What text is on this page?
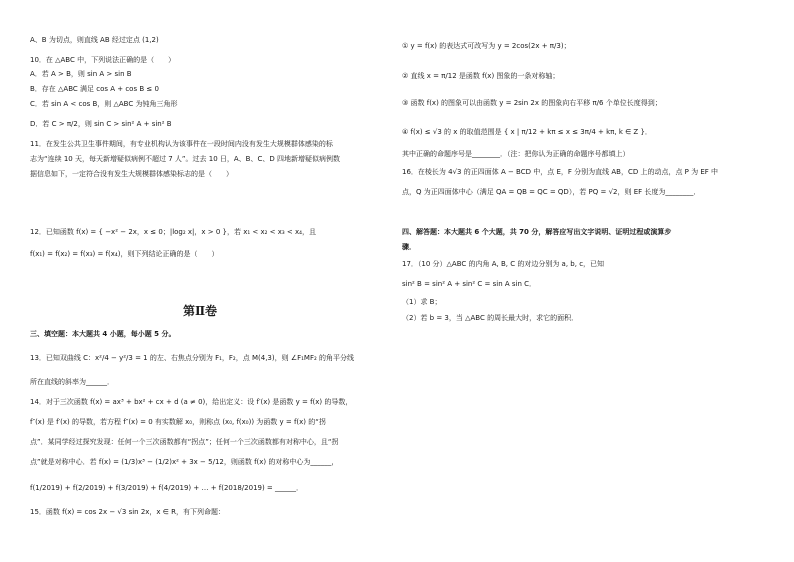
A、B 为切点，则直线 AB 经过定点 (1,2)
10．在 △ABC 中，下列说法正确的是（　　）
A．若 A > B，则 sin A > sin B
B．存在 △ABC 满足 cos A + cos B ≤ 0
C．若 sin A < cos B，则 △ABC 为钝角三角形
D．若 C > π/2，则 sin C > sin² A + sin² B
11．在发生公共卫生事件期间，有专业机构认为该事件在一段时间内没有发生大规模群体感染的标
志为“连续 10 天，每天新增疑似病例不超过 7 人”。过去 10 日，A、B、C、D 四地新增疑似病例数
据信息如下，一定符合没有发生大规模群体感染标志的是（　　）
12．已知函数 f(x) = { −x² − 2x，x ≤ 0；|log₂ x|，x > 0 }，若 x₁ < x₂ < x₃ < x₄，且
f(x₁) = f(x₂) = f(x₃) = f(x₄)，则下列结论正确的是（　　）
第Ⅱ卷
三、填空题：本大题共 4 小题，每小题 5 分。
13．已知双曲线 C：x²/4 − y²/3 = 1 的左、右焦点分别为 F₁，F₂，点 M(4,3)，则 ∠F₁MF₂ 的角平分线
所在直线的斜率为______．
14．对于三次函数 f(x) = ax³ + bx² + cx + d (a ≠ 0)，给出定义：设 f′(x) 是函数 y = f(x) 的导数，
f″(x) 是 f′(x) 的导数，若方程 f″(x) = 0 有实数解 x₀，则称点 (x₀, f(x₀)) 为函数 y = f(x) 的“拐
点”．某同学经过探究发现：任何一个三次函数都有“拐点”；任何一个三次函数都有对称中心，且“拐
点”就是对称中心．若 f(x) = (1/3)x³ − (1/2)x² + 3x − 5/12，则函数 f(x) 的对称中心为______，
f(1/2019) + f(2/2019) + f(3/2019) + f(4/2019) + … + f(2018/2019) = ______．
15．函数 f(x) = cos 2x − √3 sin 2x，x ∈ R，有下列命题：
① y = f(x) 的表达式可改写为 y = 2cos(2x + π/3)；
② 直线 x = π/12 是函数 f(x) 图象的一条对称轴；
③ 函数 f(x) 的图象可以由函数 y = 2sin 2x 的图象向右平移 π/6 个单位长度得到；
④ f(x) ≤ √3 的 x 的取值范围是 { x | π/12 + kπ ≤ x ≤ 3π/4 + kπ, k ∈ Z }．
其中正确的命题序号是________．（注：把你认为正确的命题序号都填上）
16．在棱长为 4√3 的正四面体 A − BCD 中，点 E，F 分别为直线 AB，CD 上的动点，点 P 为 EF 中
点，Q 为正四面体中心（满足 QA = QB = QC = QD），若 PQ = √2，则 EF 长度为________．
四、解答题：本大题共 6 个大题，共 70 分，解答应写出文字说明、证明过程或演算步
骤．
17．（10 分）△ABC 的内角 A, B, C 的对边分别为 a, b, c，已知
sin² B = sin² A + sin² C = sin A sin C．
（1）求 B；
（2）若 b = 3，当 △ABC 的周长最大时，求它的面积．
